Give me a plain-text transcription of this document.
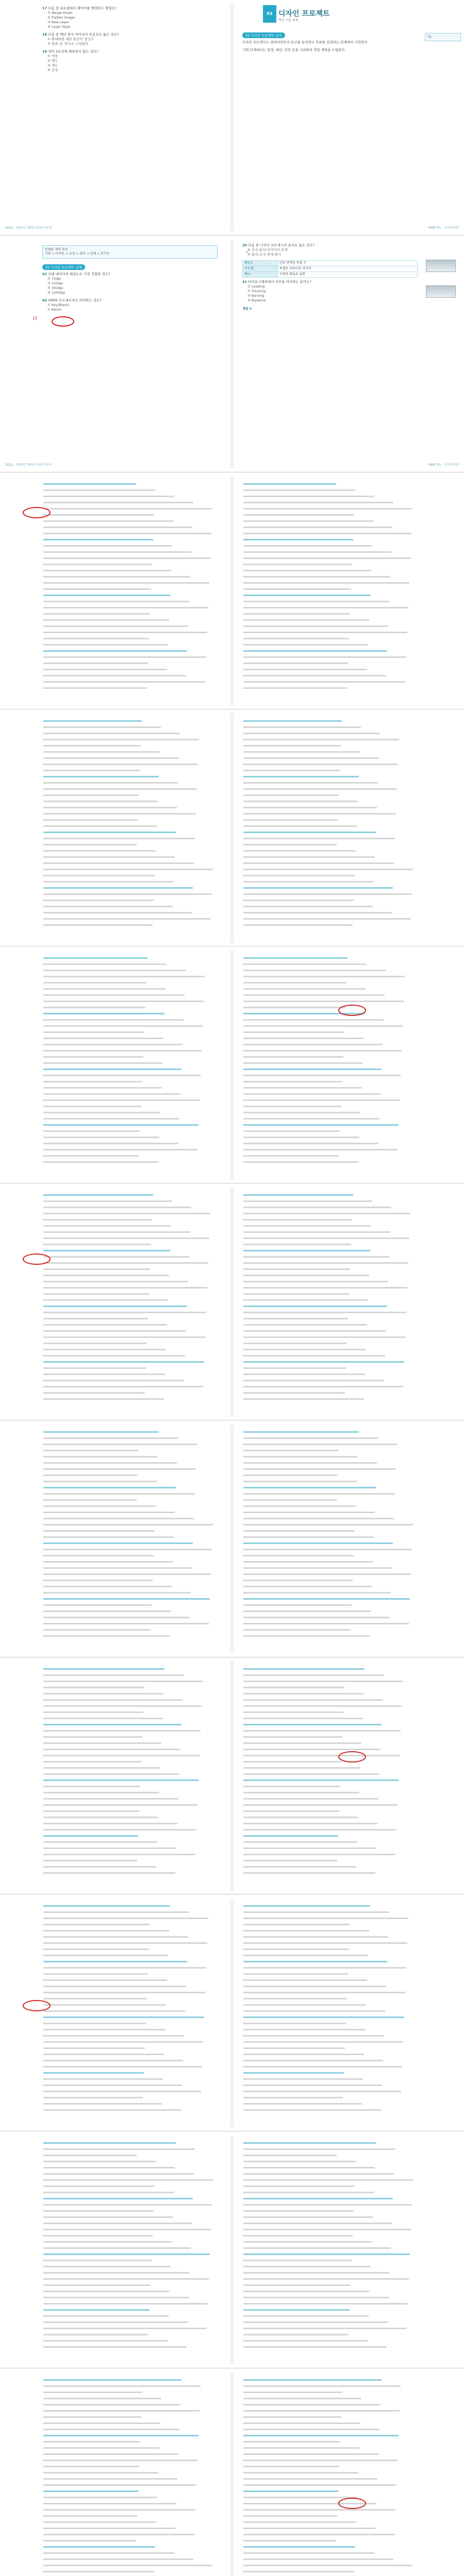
17 다음 중 포토샵에서 레이어를 병합하는 명령은?
① Merge Down
② Flatten Image
③ New Layer
④ Layer Style
18 다음 중 벡터 방식 이미지의 특징으로 옳은 것은?
① 확대하면 계단 현상이 생긴다
② 점과 선, 면으로 구성된다
19 색의 3속성에 해당하지 않는 것은?
① 색상
② 명도
③ 채도
④ 잔상
2022 · 컴퓨터그래픽스운용기능사
03 디자인 프로젝트
핵심 기출 유형
01 디자인 프로젝트 준비
디자인 프로젝트는 클라이언트의 요구를 분석하고 목표를 설정하는 단계에서 시작한다.
기획 단계에서는 일정, 예산, 인력 등을 고려하여 작업 계획을 수립한다.
Tip
PART 01 · 시각디자인
인쇄물 제작 과정
기획 → 디자인 → 교정 → 출력 → 인쇄 → 후가공
02 디자인 프로젝트 실행
01 인쇄 데이터의 해상도로 가장 적합한 것은?
① 72dpi
② 150dpi
③ 300dpi
④ 1200dpi
02 CMYK 모드에서 K가 의미하는 것은?
① Key(Black)
② Kelvin
O
2022 · 컴퓨터그래픽스운용기능사
20 다음 중 디자인 프로세스의 순서로 옳은 것은?
① 조사-분석-아이디어-전개
② 분석-조사-전개-평가
해상도	단위 면적당 픽셀 수
비트맵	픽셀로 이루어진 이미지
벡터	수학적 좌표로 표현
21 타이포그래피에서 자간을 의미하는 용어는?
① Leading
② Tracking
③ Kerning
④ Baseline
정답 ②
✓
PART 01 · 시각디자인
